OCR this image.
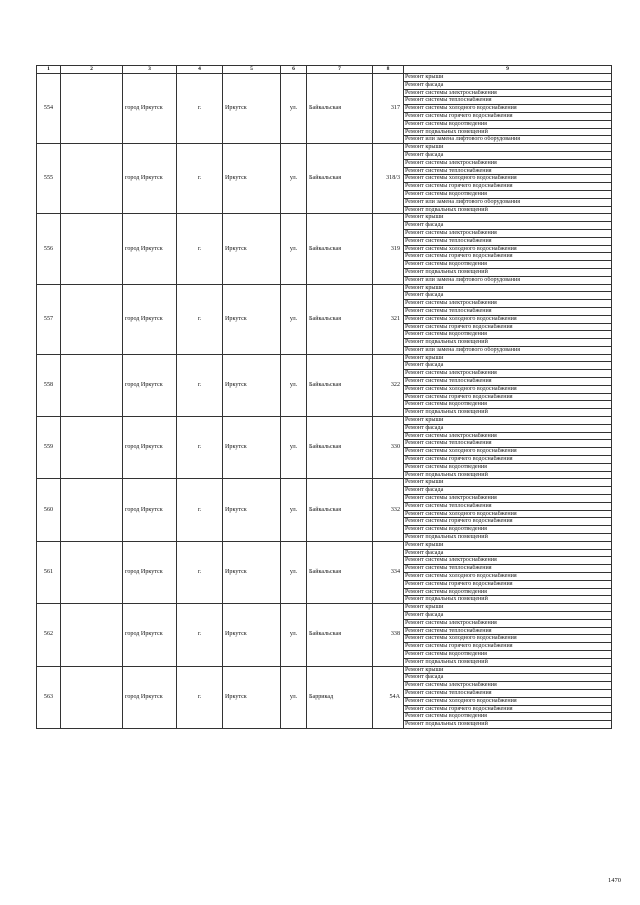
1	2	3	4	5	6	7	8	9
554		город Иркутск	г.	Иркутск	ул.	Байкальская	317	Ремонт крыши
								Ремонт фасада
								Ремонт системы электроснабжения
								Ремонт системы теплоснабжения
								Ремонт системы холодного водоснабжения
								Ремонт системы горячего водоснабжения
								Ремонт системы водоотведения
								Ремонт подвальных помещений
								Ремонт или замена лифтового оборудования
555		город Иркутск	г.	Иркутск	ул.	Байкальская	318/3	Ремонт крыши
								Ремонт фасада
								Ремонт системы электроснабжения
								Ремонт системы теплоснабжения
								Ремонт системы холодного водоснабжения
								Ремонт системы горячего водоснабжения
								Ремонт системы водоотведения
								Ремонт или замена лифтового оборудования
								Ремонт подвальных помещений
556		город Иркутск	г.	Иркутск	ул.	Байкальская	319	Ремонт крыши
								Ремонт фасада
								Ремонт системы электроснабжения
								Ремонт системы теплоснабжения
								Ремонт системы холодного водоснабжения
								Ремонт системы горячего водоснабжения
								Ремонт системы водоотведения
								Ремонт подвальных помещений
								Ремонт или замена лифтового оборудования
557		город Иркутск	г.	Иркутск	ул.	Байкальская	321	Ремонт крыши
								Ремонт фасада
								Ремонт системы электроснабжения
								Ремонт системы теплоснабжения
								Ремонт системы холодного водоснабжения
								Ремонт системы горячего водоснабжения
								Ремонт системы водоотведения
								Ремонт подвальных помещений
								Ремонт или замена лифтового оборудования
558		город Иркутск	г.	Иркутск	ул.	Байкальская	322	Ремонт крыши
								Ремонт фасада
								Ремонт системы электроснабжения
								Ремонт системы теплоснабжения
								Ремонт системы холодного водоснабжения
								Ремонт системы горячего водоснабжения
								Ремонт системы водоотведения
								Ремонт подвальных помещений
559		город Иркутск	г.	Иркутск	ул.	Байкальская	330	Ремонт крыши
								Ремонт фасада
								Ремонт системы электроснабжения
								Ремонт системы теплоснабжения
								Ремонт системы холодного водоснабжения
								Ремонт системы горячего водоснабжения
								Ремонт системы водоотведения
								Ремонт подвальных помещений
560		город Иркутск	г.	Иркутск	ул.	Байкальская	332	Ремонт крыши
								Ремонт фасада
								Ремонт системы электроснабжения
								Ремонт системы теплоснабжения
								Ремонт системы холодного водоснабжения
								Ремонт системы горячего водоснабжения
								Ремонт системы водоотведения
								Ремонт подвальных помещений
561		город Иркутск	г.	Иркутск	ул.	Байкальская	334	Ремонт крыши
								Ремонт фасада
								Ремонт системы электроснабжения
								Ремонт системы теплоснабжения
								Ремонт системы холодного водоснабжения
								Ремонт системы горячего водоснабжения
								Ремонт системы водоотведения
								Ремонт подвальных помещений
562		город Иркутск	г.	Иркутск	ул.	Байкальская	338	Ремонт крыши
								Ремонт фасада
								Ремонт системы электроснабжения
								Ремонт системы теплоснабжения
								Ремонт системы холодного водоснабжения
								Ремонт системы горячего водоснабжения
								Ремонт системы водоотведения
								Ремонт подвальных помещений
563		город Иркутск	г.	Иркутск	ул.	Баррикад	54А	Ремонт крыши
								Ремонт фасада
								Ремонт системы электроснабжения
								Ремонт системы теплоснабжения
								Ремонт системы холодного водоснабжения
								Ремонт системы горячего водоснабжения
								Ремонт системы водоотведения
								Ремонт подвальных помещений
1470
